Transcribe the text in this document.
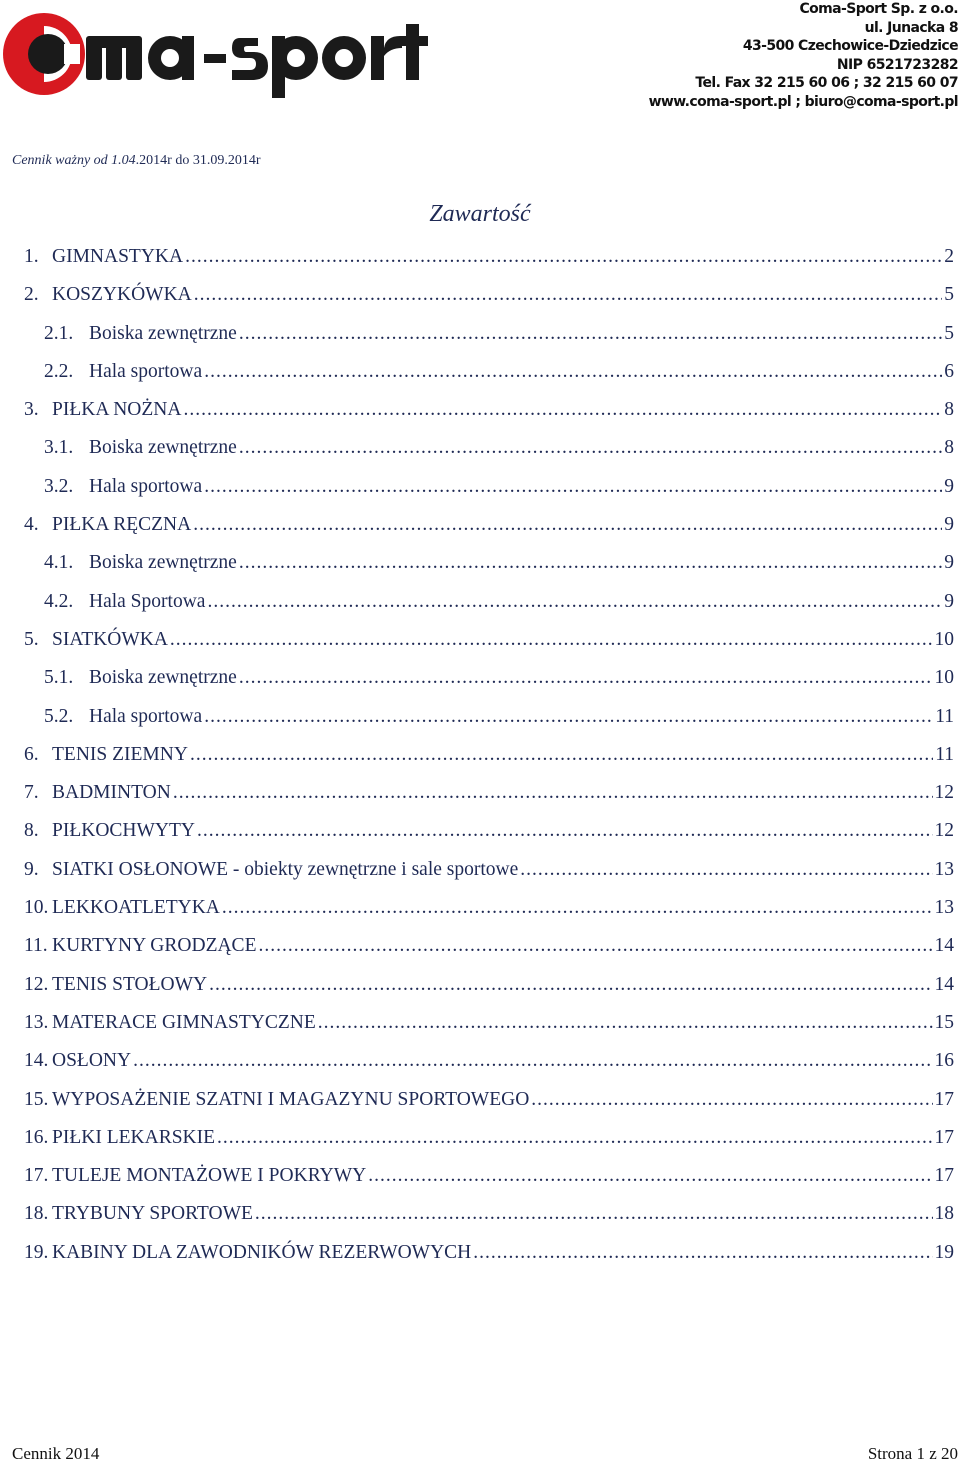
Coma-Sport Sp. z o.o.
ul. Junacka 8
43-500 Czechowice-Dziedzice
NIP 6521723282
Tel. Fax 32 215 60 06 ; 32 215 60 07
www.coma-sport.pl ; biuro@coma-sport.pl
Cennik ważny od 1.04.2014r do 31.09.2014r
Zawartość
1. GIMNASTYKA .....	2
2. KOSZYKÓWKA .....	5
2.1. Boiska zewnętrzne .....	5
2.2. Hala sportowa .....	6
3. PIŁKA NOŻNA .....	8
3.1. Boiska zewnętrzne .....	8
3.2. Hala sportowa .....	9
4. PIŁKA RĘCZNA .....	9
4.1. Boiska zewnętrzne .....	9
4.2. Hala Sportowa .....	9
5. SIATKÓWKA .....	10
5.1. Boiska zewnętrzne .....	10
5.2. Hala sportowa .....	11
6. TENIS ZIEMNY .....	11
7. BADMINTON .....	12
8. PIŁKOCHWYTY .....	12
9. SIATKI OSŁONOWE - obiekty zewnętrzne i sale sportowe .....	13
10. LEKKOATLETYKA .....	13
11. KURTYNY GRODZĄCE .....	14
12. TENIS STOŁOWY .....	14
13. MATERACE GIMNASTYCZNE .....	15
14. OSŁONY .....	16
15. WYPOSAŻENIE SZATNI I MAGAZYNU SPORTOWEGO .....	17
16. PIŁKI LEKARSKIE .....	17
17. TULEJE MONTAŻOWE I POKRYWY .....	17
18. TRYBUNY SPORTOWE .....	18
19. KABINY DLA ZAWODNIKÓW REZERWOWYCH .....	19
Cennik 2014	Strona 1 z 20
